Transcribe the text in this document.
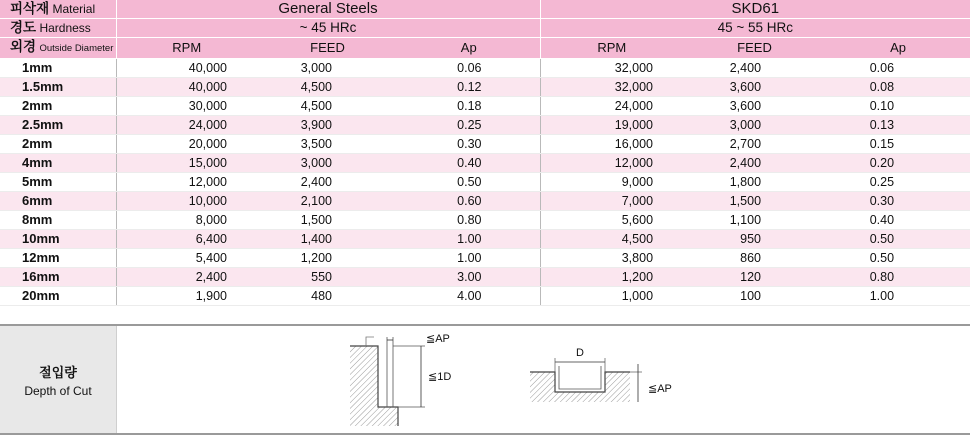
피삭재 Material	General Steels			SKD61		
경도 Hardness	~ 45 HRc			45 ~ 55 HRc		
외경 Outside Diameter	RPM	FEED	Ap	RPM	FEED	Ap
1mm	40,000	3,000	0.06	32,000	2,400	0.06
1.5mm	40,000	4,500	0.12	32,000	3,600	0.08
2mm	30,000	4,500	0.18	24,000	3,600	0.10
2.5mm	24,000	3,900	0.25	19,000	3,000	0.13
2mm	20,000	3,500	0.30	16,000	2,700	0.15
4mm	15,000	3,000	0.40	12,000	2,400	0.20
5mm	12,000	2,400	0.50	9,000	1,800	0.25
6mm	10,000	2,100	0.60	7,000	1,500	0.30
8mm	8,000	1,500	0.80	5,600	1,100	0.40
10mm	6,400	1,400	1.00	4,500	950	0.50
12mm	5,400	1,200	1.00	3,800	860	0.50
16mm	2,400	550	3.00	1,200	120	0.80
20mm	1,900	480	4.00	1,000	100	1.00
절입량
Depth of Cut
≦AP
≦1D
D
≦AP
